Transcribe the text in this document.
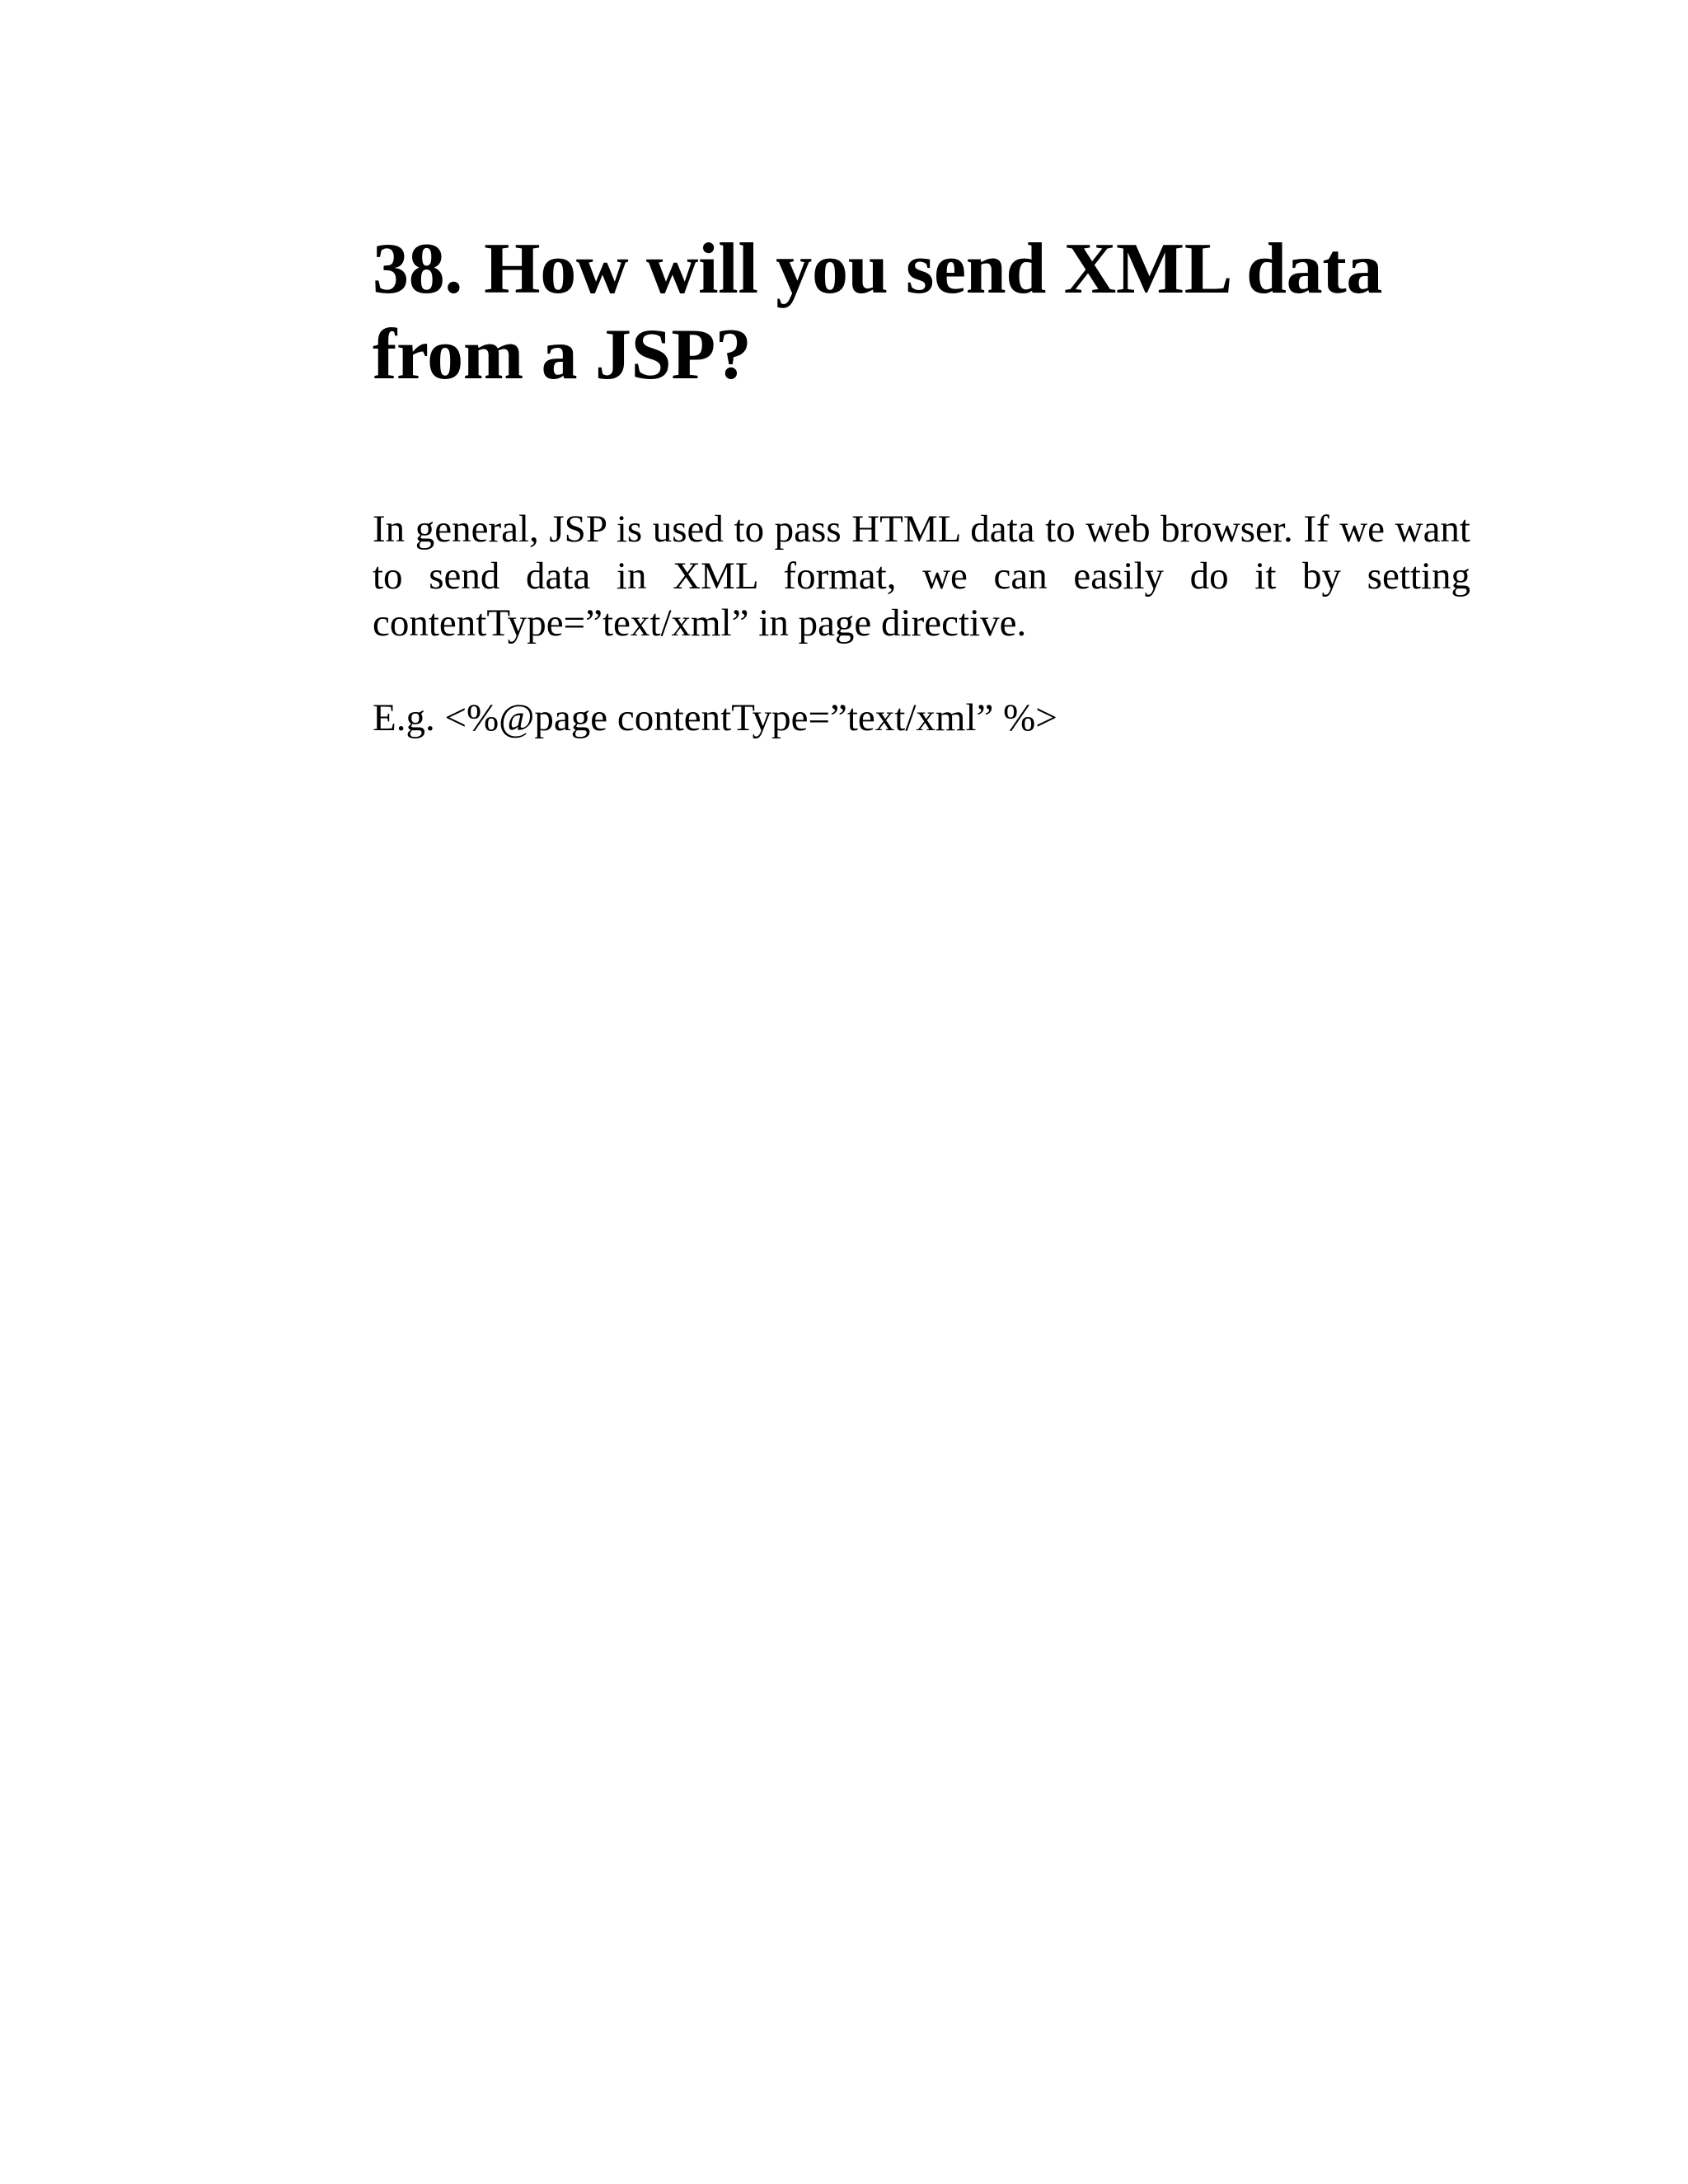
38. How will you send XML data from a JSP?

In general, JSP is used to pass HTML data to web browser. If we want to send data in XML format, we can easily do it by setting contentType=”text/xml” in page directive.

E.g. <%@page contentType=”text/xml” %>
